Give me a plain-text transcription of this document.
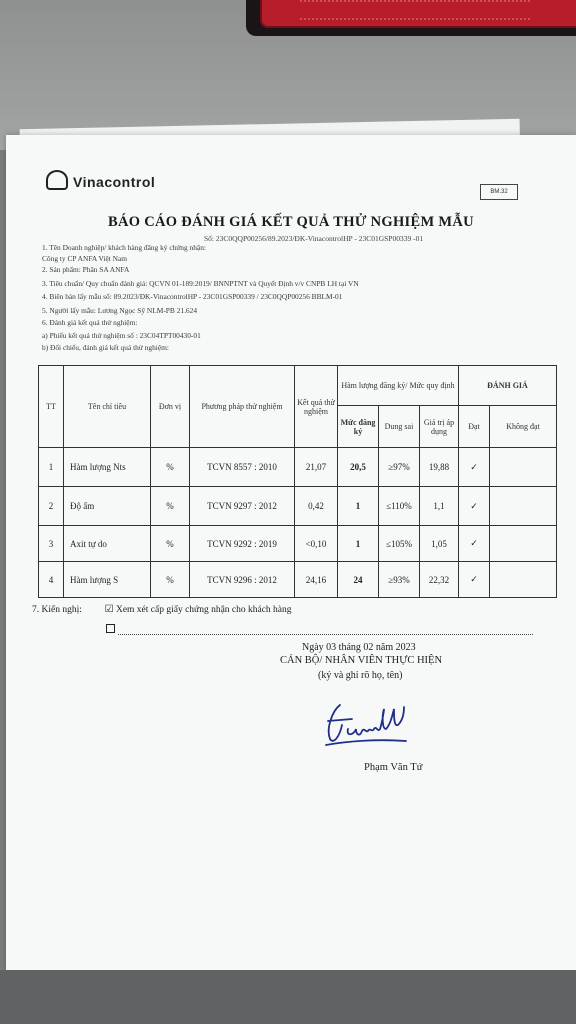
Vinacontrol
BM.32
BÁO CÁO ĐÁNH GIÁ KẾT QUẢ THỬ NGHIỆM MẪU
Số: 23C0QQP00256/89.2023/ĐK-VinacontrolHP - 23C01GSP00339 -01
1. Tên Doanh nghiệp/ khách hàng đăng ký chứng nhận:
Công ty CP ANFA Việt Nam
2. Sản phẩm: Phân SA ANFA
3. Tiêu chuẩn/ Quy chuẩn đánh giá: QCVN 01-189:2019/ BNNPTNT và Quyết Định v/v CNPB LH tại VN
4. Biên bản lấy mẫu số: 89.2023/ĐK-VinacontrolHP - 23C01GSP00339 / 23C0QQP00256 BBLM-01
5. Người lấy mẫu: Lương Ngọc Sỹ NLM-PB 21.624
6. Đánh giá kết quả thử nghiệm:
a) Phiếu kết quả thử nghiệm số : 23C04TPT00430-01
b) Đối chiếu, đánh giá kết quả thử nghiệm:
TT	Tên chỉ tiêu	Đơn vị	Phương pháp thử nghiệm	Kết quả thử nghiệm	Hàm lượng đăng ký/ Mức quy định			ĐÁNH GIÁ	
					Mức đăng ký	Dung sai	Giá trị áp dụng	Đạt	Không đạt
1	Hàm lượng Nts	%	TCVN 8557 : 2010	21,07	20,5	≥97%	19,88	✓	
2	Độ ẩm	%	TCVN 9297 : 2012	0,42	1	≤110%	1,1	✓	
3	Axit tự do	%	TCVN 9292 : 2019	<0,10	1	≤105%	1,05	✓	
4	Hàm lượng S	%	TCVN 9296 : 2012	24,16	24	≥93%	22,32	✓	
7. Kiến nghị: ☑ Xem xét cấp giấy chứng nhận cho khách hàng
Ngày 03 tháng 02 năm 2023
CÁN BỘ/ NHÂN VIÊN THỰC HIỆN
(ký và ghi rõ họ, tên)
Phạm Văn Tứ
